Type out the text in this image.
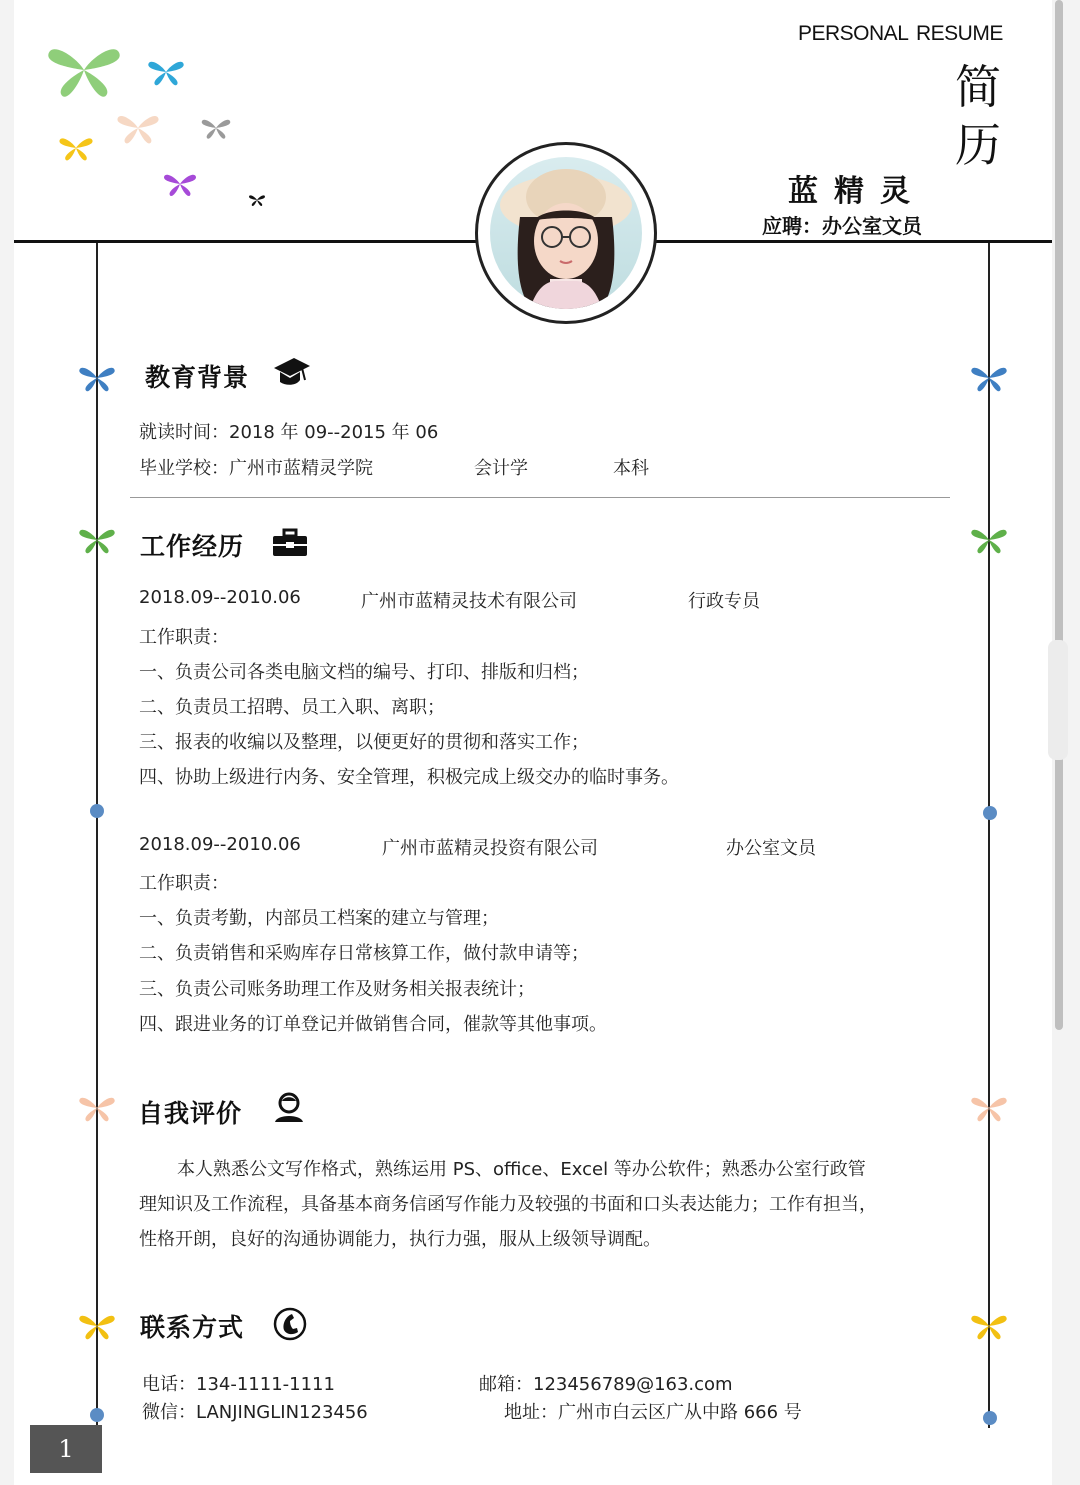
PERSONAL RESUME
简
历
蓝精灵
应聘：办公室文员
教育背景
就读时间：2018 年 09--2015 年 06
毕业学校：广州市蓝精灵学院	会计学	本科
工作经历
2018.09--2010.06	广州市蓝精灵技术有限公司	行政专员
工作职责：
一、负责公司各类电脑文档的编号、打印、排版和归档；
二、负责员工招聘、员工入职、离职；
三、报表的收编以及整理，以便更好的贯彻和落实工作；
四、协助上级进行内务、安全管理，积极完成上级交办的临时事务。
2018.09--2010.06	广州市蓝精灵投资有限公司	办公室文员
工作职责：
一、负责考勤，内部员工档案的建立与管理；
二、负责销售和采购库存日常核算工作，做付款申请等；
三、负责公司账务助理工作及财务相关报表统计；
四、跟进业务的订单登记并做销售合同，催款等其他事项。
自我评价
本人熟悉公文写作格式，熟练运用 PS、office、Excel 等办公软件；熟悉办公室行政管
理知识及工作流程，具备基本商务信函写作能力及较强的书面和口头表达能力；工作有担当，
性格开朗，良好的沟通协调能力，执行力强，服从上级领导调配。
联系方式
电话：134-1111-1111	邮箱：123456789@163.com
微信：LANJINGLIN123456	地址：广州市白云区广从中路 666 号
1
